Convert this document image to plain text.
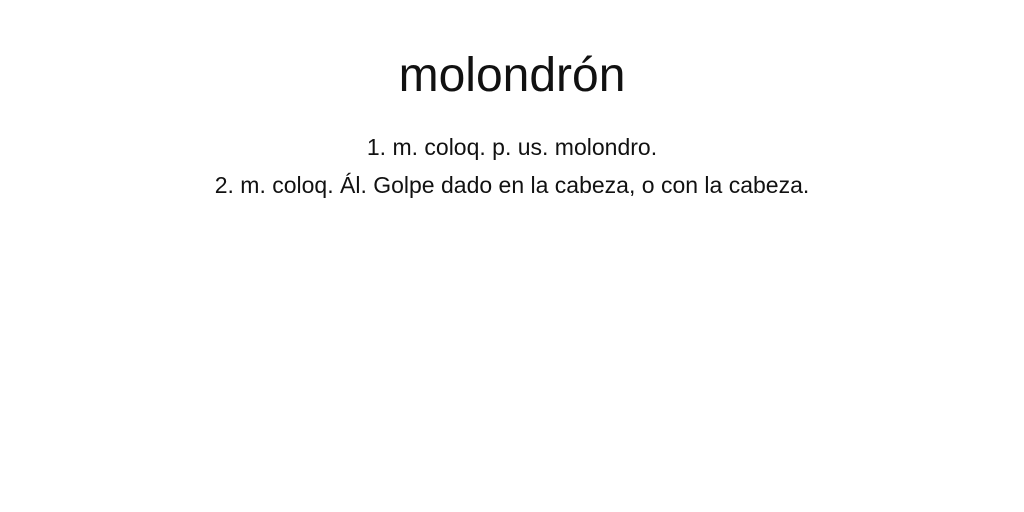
molondrón
1. m. coloq. p. us. molondro.
2. m. coloq. Ál. Golpe dado en la cabeza, o con la cabeza.
